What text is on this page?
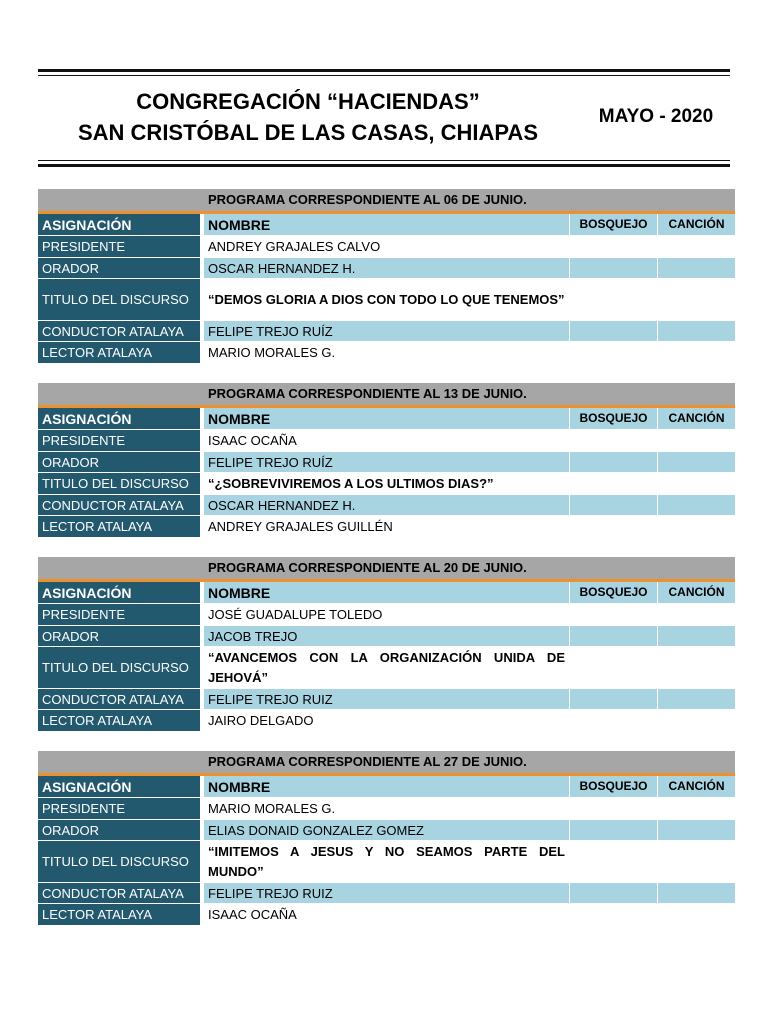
CONGREGACIÓN “HACIENDAS”
SAN CRISTÓBAL DE LAS CASAS, CHIAPAS
MAYO - 2020
PROGRAMA CORRESPONDIENTE AL 06 DE JUNIO.
ASIGNACIÓN	NOMBRE	BOSQUEJO	CANCIÓN
PRESIDENTE	ANDREY GRAJALES CALVO		
ORADOR	OSCAR HERNANDEZ H.		
TITULO DEL DISCURSO	“DEMOS GLORIA A DIOS CON TODO LO QUE TENEMOS”		
CONDUCTOR ATALAYA	FELIPE TREJO RUÍZ		
LECTOR ATALAYA	MARIO MORALES G.		
PROGRAMA CORRESPONDIENTE AL 13 DE JUNIO.
ASIGNACIÓN	NOMBRE	BOSQUEJO	CANCIÓN
PRESIDENTE	ISAAC OCAÑA		
ORADOR	FELIPE TREJO RUÍZ		
TITULO DEL DISCURSO	“¿SOBREVIVIREMOS A LOS ULTIMOS DIAS?”		
CONDUCTOR ATALAYA	OSCAR HERNANDEZ H.		
LECTOR ATALAYA	ANDREY GRAJALES GUILLÉN		
PROGRAMA CORRESPONDIENTE AL 20 DE JUNIO.
ASIGNACIÓN	NOMBRE	BOSQUEJO	CANCIÓN
PRESIDENTE	JOSÉ GUADALUPE TOLEDO		
ORADOR	JACOB TREJO		
TITULO DEL DISCURSO	“AVANCEMOS CON LA ORGANIZACIÓN UNIDA DE JEHOVÁ”		
CONDUCTOR ATALAYA	FELIPE TREJO RUIZ		
LECTOR ATALAYA	JAIRO DELGADO		
PROGRAMA CORRESPONDIENTE AL 27 DE JUNIO.
ASIGNACIÓN	NOMBRE	BOSQUEJO	CANCIÓN
PRESIDENTE	MARIO MORALES G.		
ORADOR	ELIAS DONAID GONZALEZ GOMEZ		
TITULO DEL DISCURSO	“IMITEMOS A JESUS Y NO SEAMOS PARTE DEL MUNDO”		
CONDUCTOR ATALAYA	FELIPE TREJO RUIZ		
LECTOR ATALAYA	ISAAC OCAÑA		
